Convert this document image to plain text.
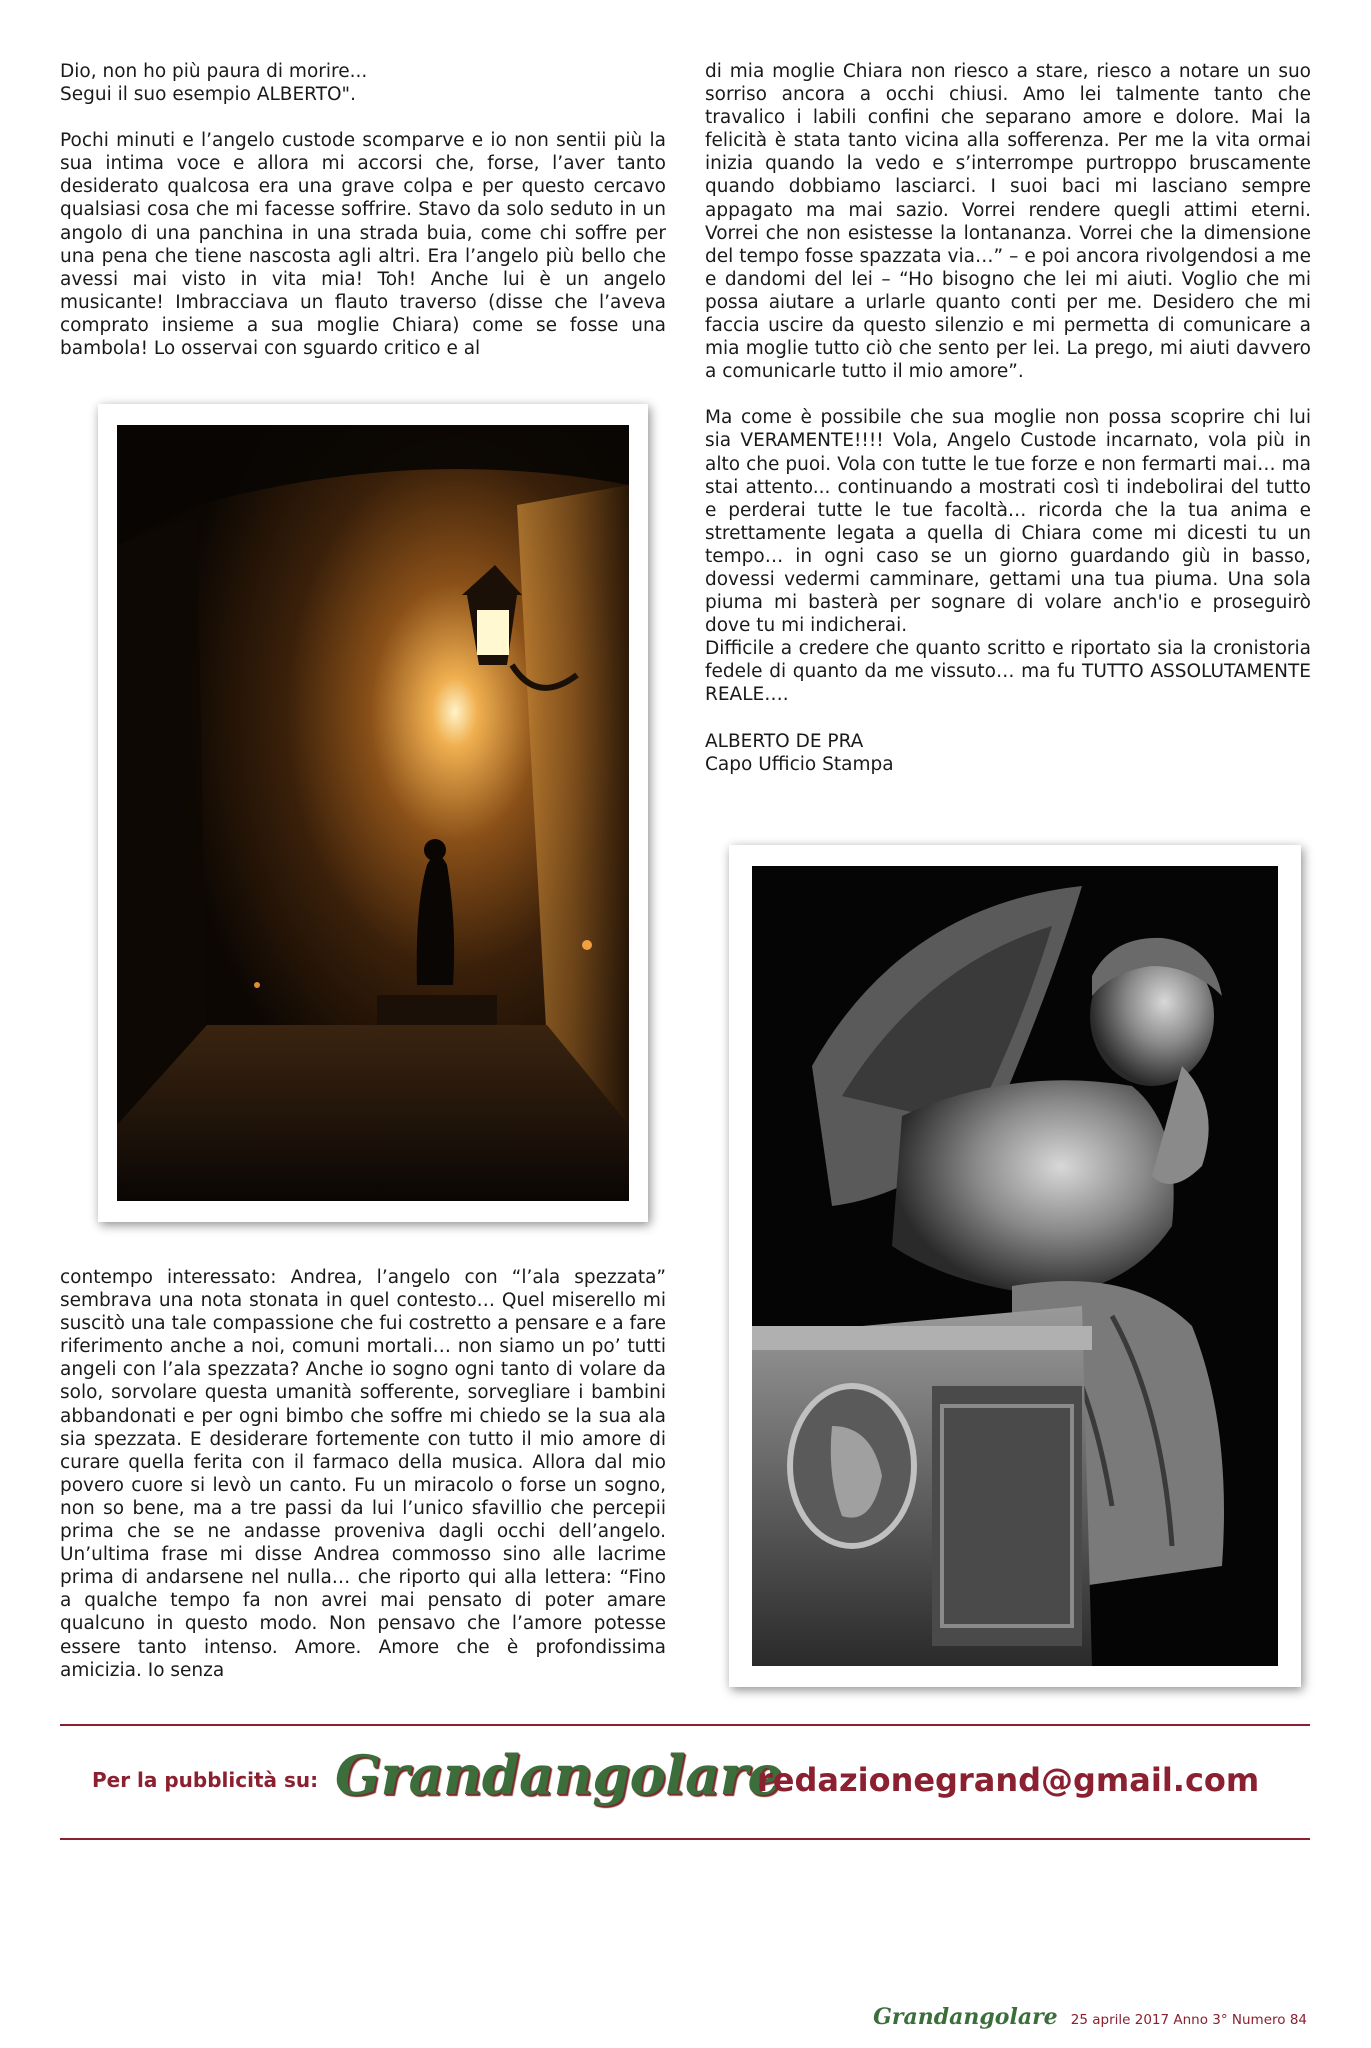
Dio, non ho più paura di morire...

Segui il suo esempio ALBERTO".

Pochi minuti e l’angelo custode scomparve e io non sentii più la sua intima voce e allora mi accorsi che, forse, l’aver tanto desiderato qualcosa era una grave colpa e per questo cercavo qualsiasi cosa che mi facesse soffrire. Stavo da solo seduto in un angolo di una panchina in una strada buia, come chi soffre per una pena che tiene nascosta agli altri. Era l’angelo più bello che avessi mai visto in vita mia! Toh! Anche lui è un angelo musicante! Imbracciava un flauto traverso (disse che l’aveva comprato insieme a sua moglie Chiara) come se fosse una bambola! Lo osservai con sguardo critico e al

contempo interessato: Andrea, l’angelo con “l’ala spezzata” sembrava una nota stonata in quel contesto… Quel miserello mi suscitò una tale compassione che fui costretto a pensare e a fare riferimento anche a noi, comuni mortali… non siamo un po’ tutti angeli con l’ala spezzata? Anche io sogno ogni tanto di volare da solo, sorvolare questa umanità sofferente, sorvegliare i bambini abbandonati e per ogni bimbo che soffre mi chiedo se la sua ala sia spezzata. E desiderare fortemente con tutto il mio amore di curare quella ferita con il farmaco della musica. Allora dal mio povero cuore si levò un canto. Fu un miracolo o forse un sogno, non so bene, ma a tre passi da lui l’unico sfavillio che percepii prima che se ne andasse proveniva dagli occhi dell’angelo. Un’ultima frase mi disse Andrea commosso sino alle lacrime prima di andarsene nel nulla… che riporto qui alla lettera: “Fino a qualche tempo fa non avrei mai pensato di poter amare qualcuno in questo modo. Non pensavo che l’amore potesse essere tanto intenso. Amore. Amore che è profondissima amicizia. Io senza

di mia moglie Chiara non riesco a stare, riesco a notare un suo sorriso ancora a occhi chiusi. Amo lei talmente tanto che travalico i labili confini che separano amore e dolore. Mai la felicità è stata tanto vicina alla sofferenza. Per me la vita ormai inizia quando la vedo e s’interrompe purtroppo bruscamente quando dobbiamo lasciarci. I suoi baci mi lasciano sempre appagato ma mai sazio. Vorrei rendere quegli attimi eterni. Vorrei che non esistesse la lontananza. Vorrei che la dimensione del tempo fosse spazzata via…” – e poi ancora rivolgendosi a me e dandomi del lei – “Ho bisogno che lei mi aiuti. Voglio che mi possa aiutare a urlarle quanto conti per me. Desidero che mi faccia uscire da questo silenzio e mi permetta di comunicare a mia moglie tutto ciò che sento per lei. La prego, mi aiuti davvero a comunicarle tutto il mio amore”.

Ma come è possibile che sua moglie non possa scoprire chi lui sia VERAMENTE!!!! Vola, Angelo Custode incarnato, vola più in alto che puoi. Vola con tutte le tue forze e non fermarti mai… ma stai attento... continuando a mostrati così ti indebolirai del tutto e perderai tutte le tue facoltà… ricorda che la tua anima e strettamente legata a quella di Chiara come mi dicesti tu un tempo… in ogni caso se un giorno guardando giù in basso, dovessi vedermi camminare, gettami una tua piuma. Una sola piuma mi basterà per sognare di volare anch'io e proseguirò dove tu mi indicherai.

Difficile a credere che quanto scritto e riportato sia la cronistoria fedele di quanto da me vissuto… ma fu TUTTO ASSOLUTAMENTE REALE….

ALBERTO DE PRA

Capo Ufficio Stampa

Per la pubblicità su: Grandangolare
redazionegrand@gmail.com
Grandangolare 25 aprile 2017 Anno 3° Numero 84
